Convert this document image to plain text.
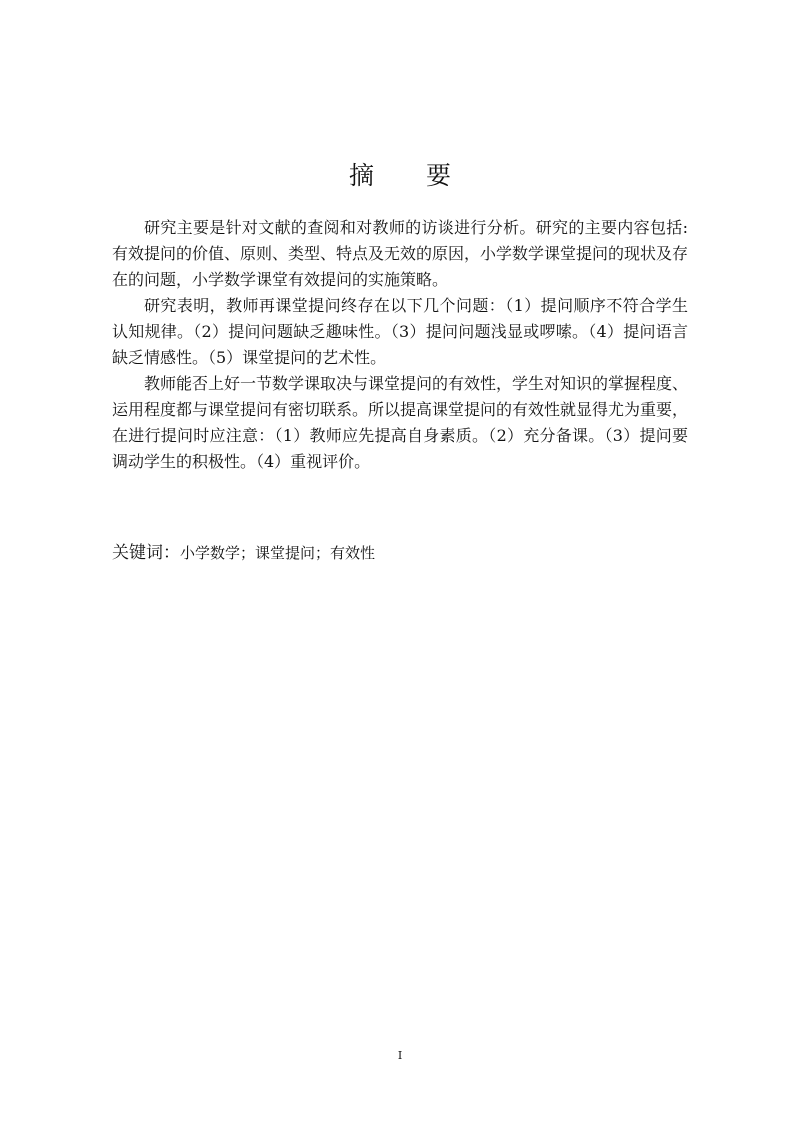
摘 要

研究主要是针对文献的查阅和对教师的访谈进行分析。研究的主要内容包括:有效提问的价值、原则、类型、特点及无效的原因，小学数学课堂提问的现状及存在的问题，小学数学课堂有效提问的实施策略。

研究表明，教师再课堂提问终存在以下几个问题：（1）提问顺序不符合学生认知规律。（2）提问问题缺乏趣味性。（3）提问问题浅显或啰嗦。（4）提问语言缺乏情感性。（5）课堂提问的艺术性。

教师能否上好一节数学课取决与课堂提问的有效性，学生对知识的掌握程度、运用程度都与课堂提问有密切联系。所以提高课堂提问的有效性就显得尤为重要，在进行提问时应注意：（1）教师应先提高自身素质。（2）充分备课。（3）提问要调动学生的积极性。（4）重视评价。

关键词：小学数学；课堂提问；有效性
I
